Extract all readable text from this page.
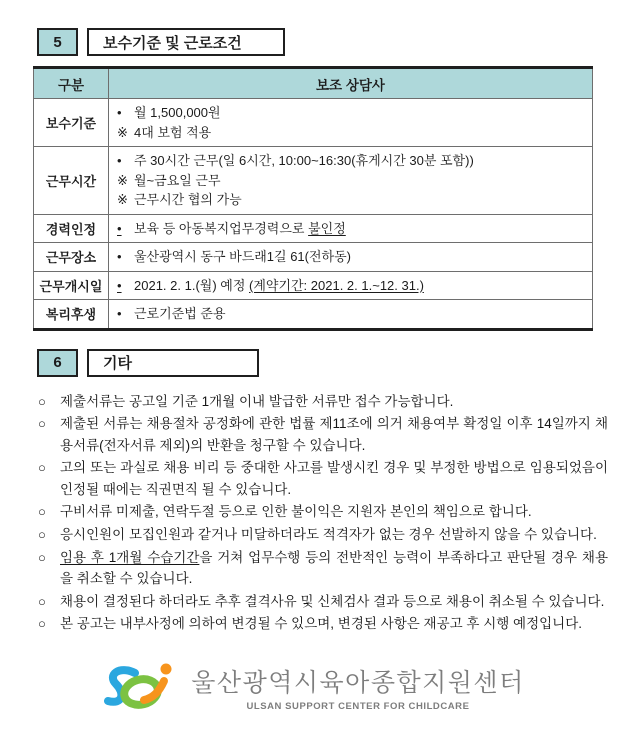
5	보수기준 및 근로조건
구분	보조 상담사
보수기준	• 월 1,500,000원
※ 4대 보험 적용

근무시간	
• 주 30시간 근무(일 6시간, 10:00~16:30(휴게시간 30분 포함))
※ 월~금요일 근무
※ 근무시간 협의 가능

경력인정	• 보육 등 아동복지업무경력으로 불인정

근무장소	• 울산광역시 동구 바드래1길 61(전하동)

근무개시일	• 2021. 2. 1.(월) 예정 (계약기간: 2021. 2. 1.~12. 31.)

복리후생	• 근로기준법 준용
6	기타
○ 제출서류는 공고일 기준 1개월 이내 발급한 서류만 접수 가능합니다.
○ 제출된 서류는 채용절차 공정화에 관한 법률 제11조에 의거 채용여부 확정일 이후 14일까지 채용서류(전자서류 제외)의 반환을 청구할 수 있습니다.
○ 고의 또는 과실로 채용 비리 등 중대한 사고를 발생시킨 경우 및 부정한 방법으로 임용되었음이 인정될 때에는 직권면직 될 수 있습니다.
○ 구비서류 미제출, 연락두절 등으로 인한 불이익은 지원자 본인의 책임으로 합니다.
○ 응시인원이 모집인원과 같거나 미달하더라도 적격자가 없는 경우 선발하지 않을 수 있습니다.
○ 임용 후 1개월 수습기간을 거쳐 업무수행 등의 전반적인 능력이 부족하다고 판단될 경우 채용을 취소할 수 있습니다.
○ 채용이 결정된다 하더라도 추후 결격사유 및 신체검사 결과 등으로 채용이 취소될 수 있습니다.
○ 본 공고는 내부사정에 의하여 변경될 수 있으며, 변경된 사항은 재공고 후 시행 예정입니다.
울산광역시육아종합지원센터
ULSAN SUPPORT CENTER FOR CHILDCARE
